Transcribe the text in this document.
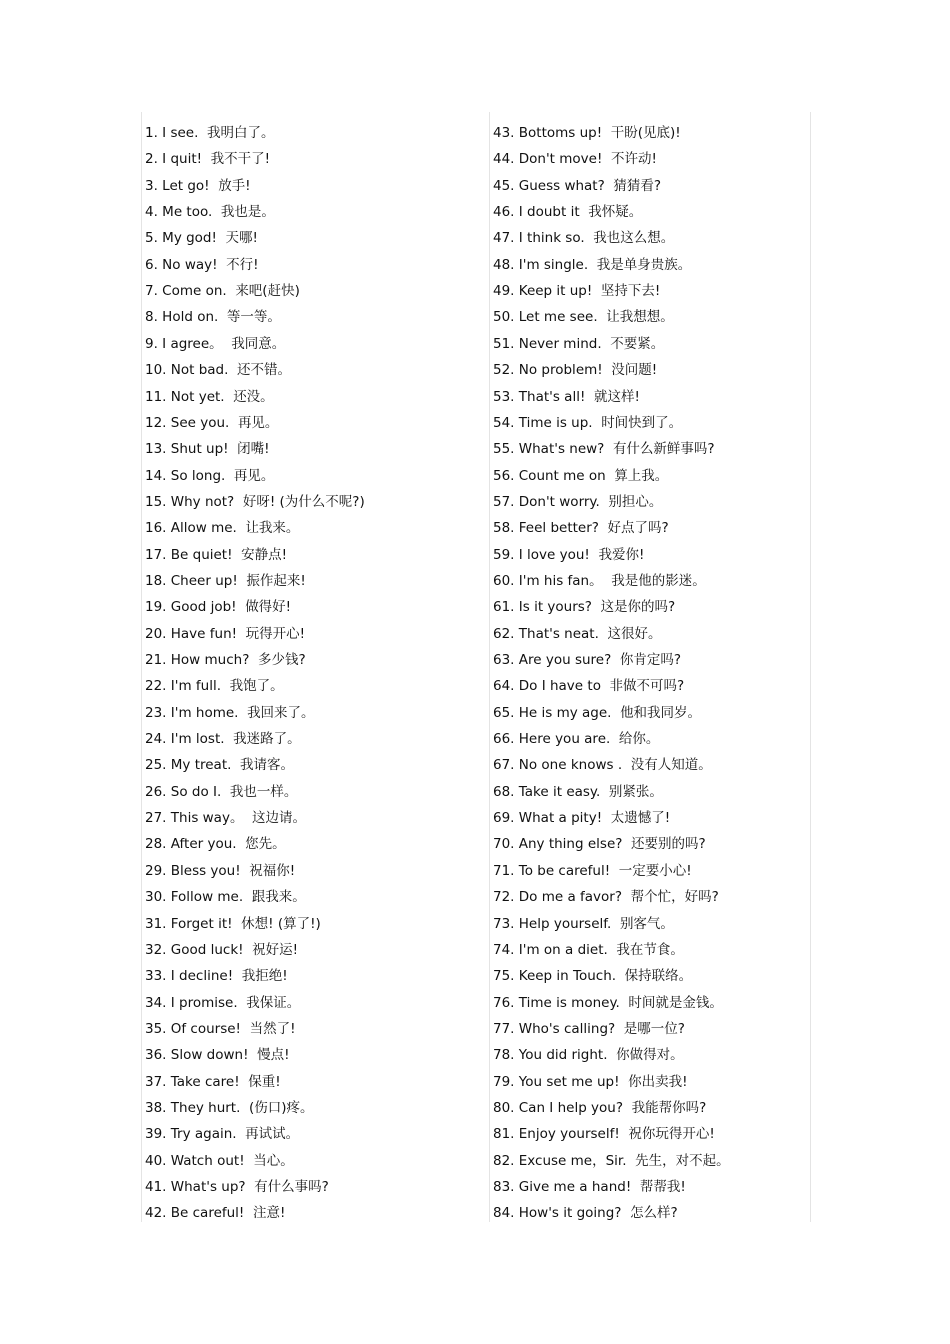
1. I see. 我明白了。
2. I quit! 我不干了!
3. Let go! 放手!
4. Me too. 我也是。
5. My god! 天哪!
6. No way! 不行!
7. Come on. 来吧(赶快)
8. Hold on. 等一等。
9. I agree。 我同意。
10. Not bad. 还不错。
11. Not yet. 还没。
12. See you. 再见。
13. Shut up! 闭嘴!
14. So long. 再见。
15. Why not? 好呀! (为什么不呢?)
16. Allow me. 让我来。
17. Be quiet! 安静点!
18. Cheer up! 振作起来!
19. Good job! 做得好!
20. Have fun! 玩得开心!
21. How much? 多少钱?
22. I'm full. 我饱了。
23. I'm home. 我回来了。
24. I'm lost. 我迷路了。
25. My treat. 我请客。
26. So do I. 我也一样。
27. This way。 这边请。
28. After you. 您先。
29. Bless you! 祝福你!
30. Follow me. 跟我来。
31. Forget it! 休想! (算了!)
32. Good luck! 祝好运!
33. I decline! 我拒绝!
34. I promise. 我保证。
35. Of course! 当然了!
36. Slow down! 慢点!
37. Take care! 保重!
38. They hurt. (伤口)疼。
39. Try again. 再试试。
40. Watch out! 当心。
41. What's up? 有什么事吗?
42. Be careful! 注意!
43. Bottoms up! 干盼(见底)!
44. Don't move! 不许动!
45. Guess what? 猜猜看?
46. I doubt it 我怀疑。
47. I think so. 我也这么想。
48. I'm single. 我是单身贵族。
49. Keep it up! 坚持下去!
50. Let me see. 让我想想。
51. Never mind. 不要紧。
52. No problem! 没问题!
53. That's all! 就这样!
54. Time is up. 时间快到了。
55. What's new? 有什么新鲜事吗?
56. Count me on 算上我。
57. Don't worry. 别担心。
58. Feel better? 好点了吗?
59. I love you! 我爱你!
60. I'm his fan。 我是他的影迷。
61. Is it yours? 这是你的吗?
62. That's neat. 这很好。
63. Are you sure? 你肯定吗?
64. Do I have to 非做不可吗?
65. He is my age. 他和我同岁。
66. Here you are. 给你。
67. No one knows . 没有人知道。
68. Take it easy. 别紧张。
69. What a pity! 太遗憾了!
70. Any thing else? 还要别的吗?
71. To be careful! 一定要小心!
72. Do me a favor? 帮个忙，好吗?
73. Help yourself. 别客气。
74. I'm on a diet. 我在节食。
75. Keep in Touch. 保持联络。
76. Time is money. 时间就是金钱。
77. Who's calling? 是哪一位?
78. You did right. 你做得对。
79. You set me up! 你出卖我!
80. Can I help you? 我能帮你吗?
81. Enjoy yourself! 祝你玩得开心!
82. Excuse me，Sir. 先生，对不起。
83. Give me a hand! 帮帮我!
84. How's it going? 怎么样?
